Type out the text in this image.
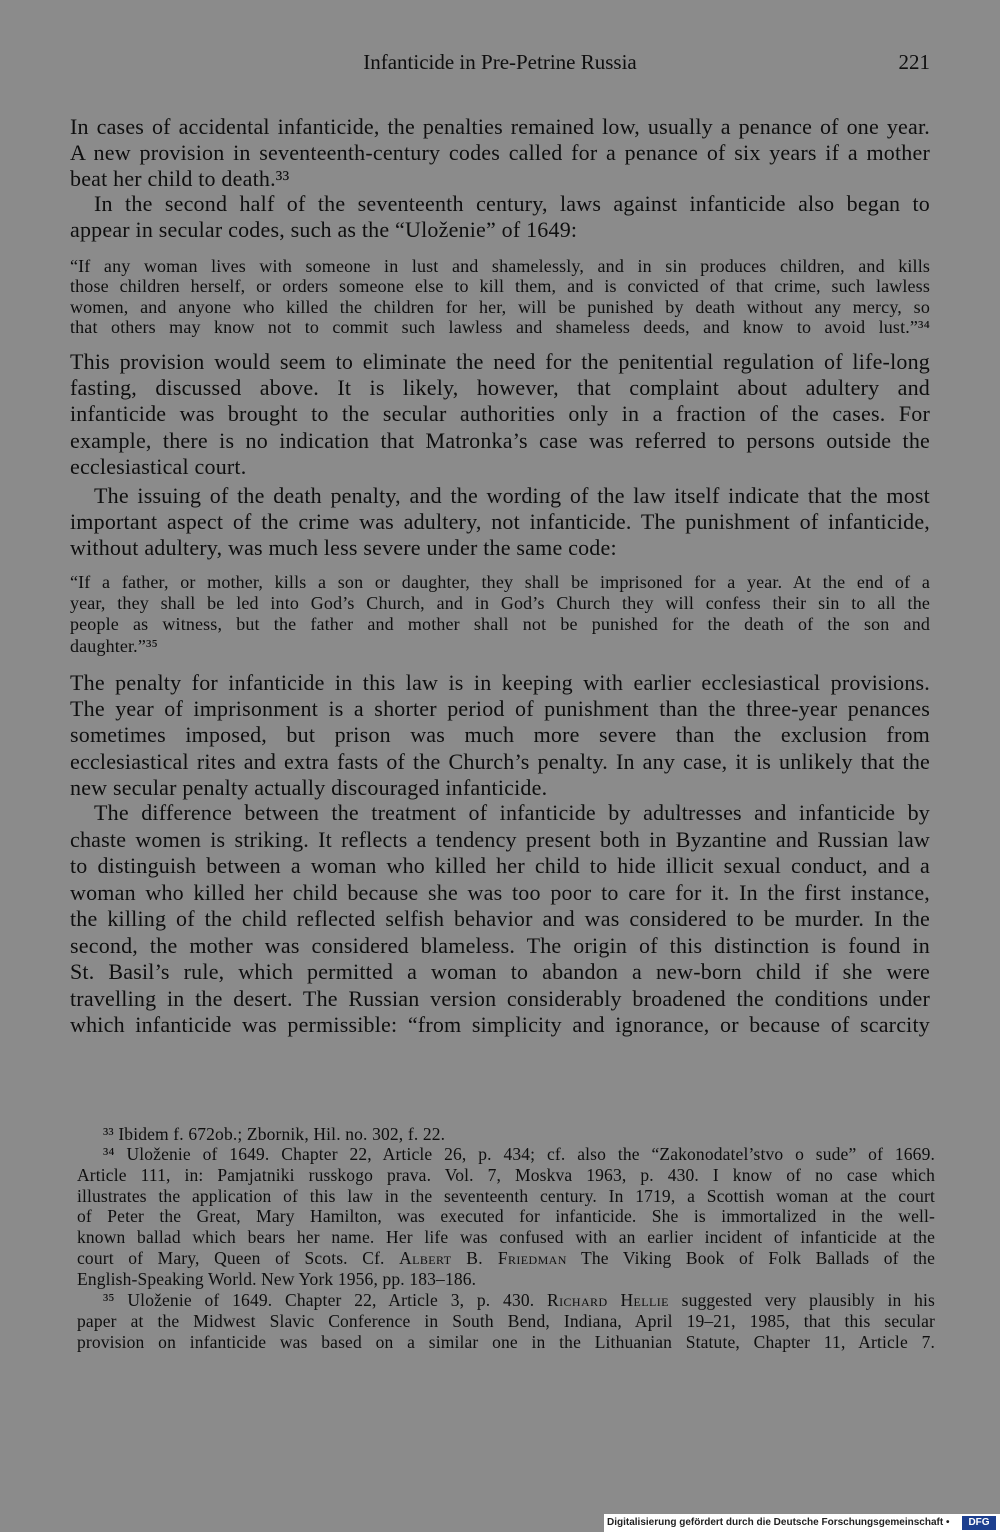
Infanticide in Pre-Petrine Russia	221
In cases of accidental infanticide, the penalties remained low, usually a penance of one year.
A new provision in seventeenth-century codes called for a penance of six years if a mother
beat her child to death.³³
In the second half of the seventeenth century, laws against infanticide also began to
appear in secular codes, such as the “Uloženie” of 1649:
“If any woman lives with someone in lust and shamelessly, and in sin produces children, and kills
those children herself, or orders someone else to kill them, and is convicted of that crime, such lawless
women, and anyone who killed the children for her, will be punished by death without any mercy, so
that others may know not to commit such lawless and shameless deeds, and know to avoid lust.”³⁴
This provision would seem to eliminate the need for the penitential regulation of life-long
fasting, discussed above. It is likely, however, that complaint about adultery and
infanticide was brought to the secular authorities only in a fraction of the cases. For
example, there is no indication that Matronka’s case was referred to persons outside the
ecclesiastical court.
The issuing of the death penalty, and the wording of the law itself indicate that the most
important aspect of the crime was adultery, not infanticide. The punishment of infanticide,
without adultery, was much less severe under the same code:
“If a father, or mother, kills a son or daughter, they shall be imprisoned for a year. At the end of a
year, they shall be led into God’s Church, and in God’s Church they will confess their sin to all the
people as witness, but the father and mother shall not be punished for the death of the son and
daughter.”³⁵
The penalty for infanticide in this law is in keeping with earlier ecclesiastical provisions.
The year of imprisonment is a shorter period of punishment than the three-year penances
sometimes imposed, but prison was much more severe than the exclusion from
ecclesiastical rites and extra fasts of the Church’s penalty. In any case, it is unlikely that the
new secular penalty actually discouraged infanticide.
The difference between the treatment of infanticide by adultresses and infanticide by
chaste women is striking. It reflects a tendency present both in Byzantine and Russian law
to distinguish between a woman who killed her child to hide illicit sexual conduct, and a
woman who killed her child because she was too poor to care for it. In the first instance,
the killing of the child reflected selfish behavior and was considered to be murder. In the
second, the mother was considered blameless. The origin of this distinction is found in
St. Basil’s rule, which permitted a woman to abandon a new-born child if she were
travelling in the desert. The Russian version considerably broadened the conditions under
which infanticide was permissible: “from simplicity and ignorance, or because of scarcity
³³ Ibidem f. 672ob.; Zbornik, Hil. no. 302, f. 22.
³⁴ Uloženie of 1649. Chapter 22, Article 26, p. 434; cf. also the “Zakonodatel’stvo o sude” of 1669.
Article 111, in: Pamjatniki russkogo prava. Vol. 7, Moskva 1963, p. 430. I know of no case which
illustrates the application of this law in the seventeenth century. In 1719, a Scottish woman at the court
of Peter the Great, Mary Hamilton, was executed for infanticide. She is immortalized in the well-
known ballad which bears her name. Her life was confused with an earlier incident of infanticide at the
court of Mary, Queen of Scots. Cf. Albert B. Friedman The Viking Book of Folk Ballads of the
English-Speaking World. New York 1956, pp. 183–186.
³⁵ Uloženie of 1649. Chapter 22, Article 3, p. 430. Richard Hellie suggested very plausibly in his
paper at the Midwest Slavic Conference in South Bend, Indiana, April 19–21, 1985, that this secular
provision on infanticide was based on a similar one in the Lithuanian Statute, Chapter 11, Article 7.
Digitalisierung gefördert durch die Deutsche Forschungsgemeinschaft •	DFG
